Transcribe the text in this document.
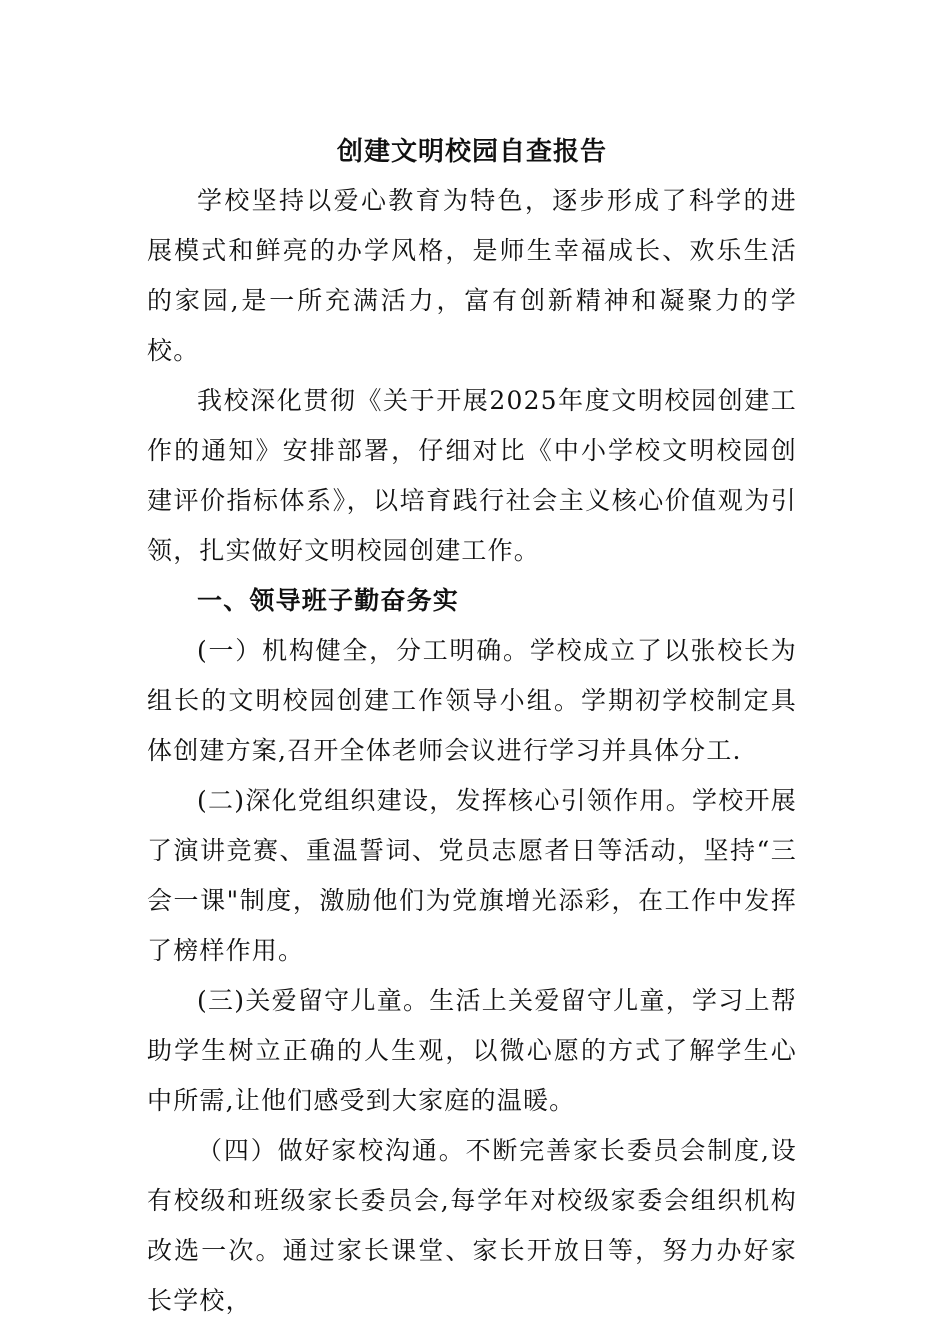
创建文明校园自查报告

学校坚持以爱心教育为特色，逐步形成了科学的进展模式和鲜亮的办学风格，是师生幸福成长、欢乐生活的家园,是一所充满活力，富有创新精神和凝聚力的学校。

我校深化贯彻《关于开展2025年度文明校园创建工作的通知》安排部署，仔细对比《中小学校文明校园创建评价指标体系》，以培育践行社会主义核心价值观为引领，扎实做好文明校园创建工作。

一、领导班子勤奋务实

(一）机构健全，分工明确。学校成立了以张校长为组长的文明校园创建工作领导小组。学期初学校制定具体创建方案,召开全体老师会议进行学习并具体分工.

(二)深化党组织建设，发挥核心引领作用。学校开展了演讲竞赛、重温誓词、党员志愿者日等活动，坚持“三会一课"制度，激励他们为党旗增光添彩，在工作中发挥了榜样作用。

(三)关爱留守儿童。生活上关爱留守儿童，学习上帮助学生树立正确的人生观，以微心愿的方式了解学生心中所需,让他们感受到大家庭的温暖。

（四）做好家校沟通。不断完善家长委员会制度,设有校级和班级家长委员会,每学年对校级家委会组织机构改选一次。通过家长课堂、家长开放日等，努力办好家长学校，
